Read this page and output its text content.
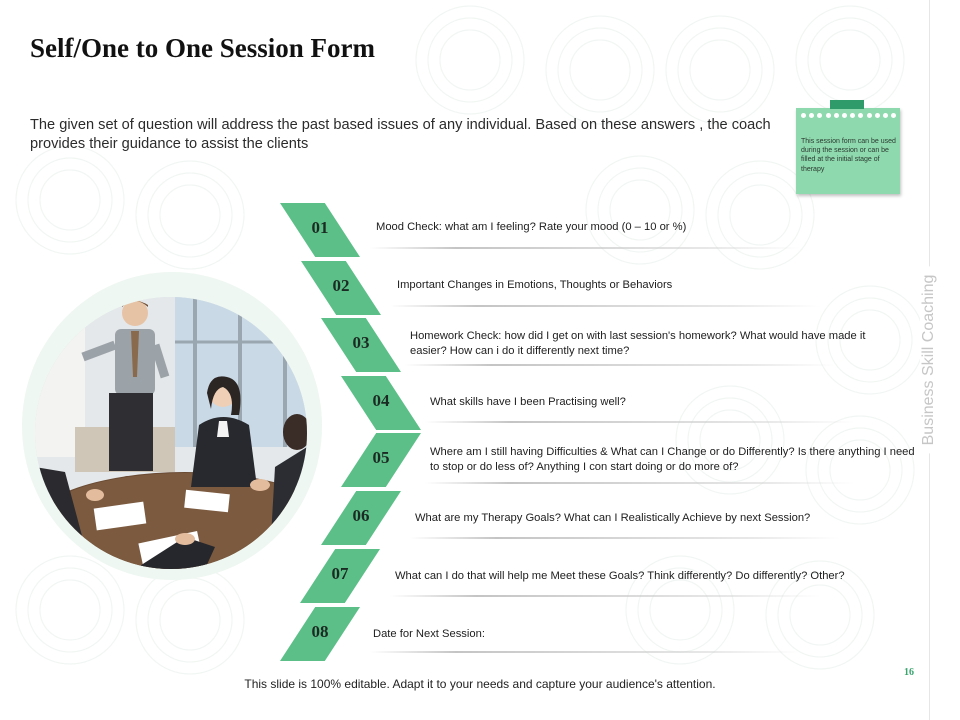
Self/One to One Session Form

The given set of question will address the past based issues of any individual. Based on these answers , the coach provides their guidance to assist the clients	This session form can be used during the session or can be filled at the initial stage of therapy
Business Skill Coaching
01	Mood Check: what am I feeling? Rate your mood (0 – 10 or %)
02	Important Changes in Emotions, Thoughts or Behaviors
03	Homework Check: how did I get on with last session's homework? What would have made it easier? How can i do it differently next time?
04	What skills have I been Practising well?
05	Where am I still having Difficulties & What can I Change or do Differently? Is there anything I need to stop or do less of? Anything I con start doing or do more of?
06	What are my Therapy Goals? What can I Realistically Achieve by next Session?
07	What can I do that will help me Meet these Goals? Think differently? Do differently? Other?
08	Date for Next Session:
16
This slide is 100% editable. Adapt it to your needs and capture your audience's attention.
